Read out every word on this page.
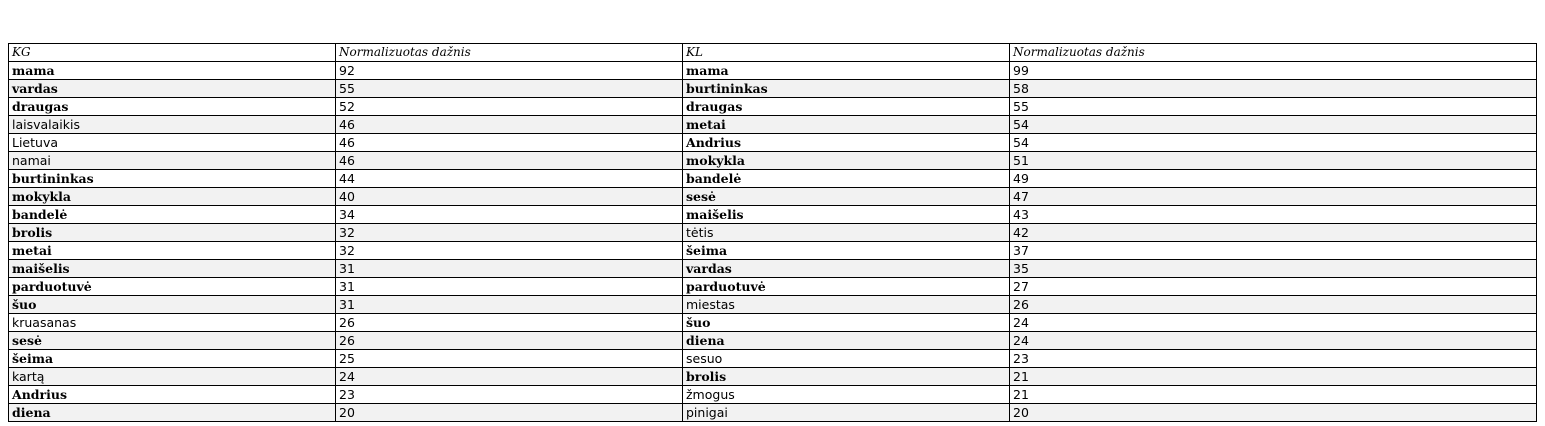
KG	Normalizuotas dažnis	KL	Normalizuotas dažnis
mama	92	mama	99
vardas	55	burtininkas	58
draugas	52	draugas	55
laisvalaikis	46	metai	54
Lietuva	46	Andrius	54
namai	46	mokykla	51
burtininkas	44	bandelė	49
mokykla	40	sesė	47
bandelė	34	maišelis	43
brolis	32	tėtis	42
metai	32	šeima	37
maišelis	31	vardas	35
parduotuvė	31	parduotuvė	27
šuo	31	miestas	26
kruasanas	26	šuo	24
sesė	26	diena	24
šeima	25	sesuo	23
kartą	24	brolis	21
Andrius	23	žmogus	21
diena	20	pinigai	20
